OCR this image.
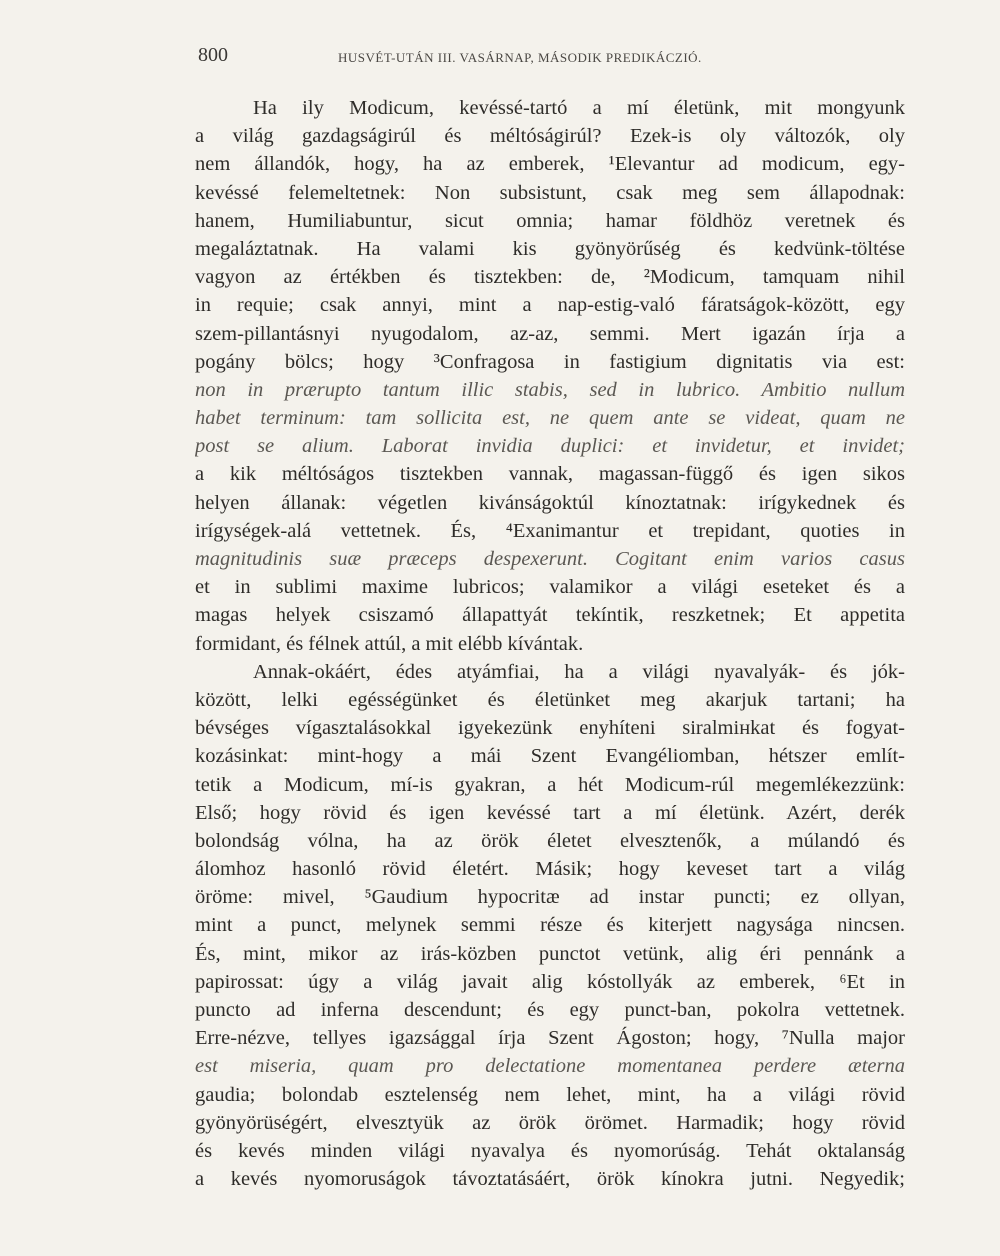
800	HUSVÉT-UTÁN III. VASÁRNAP, MÁSODIK PREDIKÁCZIÓ.
Ha ily Modicum, kevéssé-tartó a mí életünk, mit mongyunk
a világ gazdagságirúl és méltóságirúl? Ezek-is oly változók, oly
nem állandók, hogy, ha az emberek, ¹Elevantur ad modicum, egy-
kevéssé felemeltetnek: Non subsistunt, csak meg sem állapodnak:
hanem, Humiliabuntur, sicut omnia; hamar földhöz veretnek és
megaláztatnak. Ha valami kis gyönyörűség és kedvünk-töltése
vagyon az értékben és tisztekben: de, ²Modicum, tamquam nihil
in requie; csak annyi, mint a nap-estig-való fáratságok-között, egy
szem-pillantásnyi nyugodalom, az-az, semmi. Mert igazán írja a
pogány bölcs; hogy ³Confragosa in fastigium dignitatis via est:
non in prærupto tantum illic stabis, sed in lubrico. Ambitio nullum
habet terminum: tam sollicita est, ne quem ante se videat, quam ne
post se alium. Laborat invidia duplici: et invidetur, et invidet;
a kik méltóságos tisztekben vannak, magassan-függő és igen sikos
helyen állanak: végetlen kivánságoktúl kínoztatnak: irígykednek és
irígységek-alá vettetnek. És, ⁴Exanimantur et trepidant, quoties in
magnitudinis suæ præceps despexerunt. Cogitant enim varios casus
et in sublimi maxime lubricos; valamikor a világi eseteket és a
magas helyek csiszamó állapattyát tekíntik, reszketnek; Et appetita
formidant, és félnek attúl, a mit elébb kívántak.
Annak-okáért, édes atyámfiai, ha a világi nyavalyák- és jók-
között, lelki egésségünket és életünket meg akarjuk tartani; ha
bévséges vígasztalásokkal igyekezünk enyhíteni siralmінkat és fogyat-
kozásinkat: mint-hogy a mái Szent Evangéliomban, hétszer említ-
tetik a Modicum, mí-is gyakran, a hét Modicum-rúl megemlékezzünk:
Első; hogy rövid és igen kevéssé tart a mí életünk. Azért, derék
bolondság vólna, ha az örök életet elvesztenők, a múlandó és
álomhoz hasonló rövid életért. Másik; hogy keveset tart a világ
öröme: mivel, ⁵Gaudium hypocritæ ad instar puncti; ez ollyan,
mint a punct, melynek semmi része és kiterjett nagysága nincsen.
És, mint, mikor az irás-közben punctot vetünk, alig éri pennánk a
papirossat: úgy a világ javait alig kóstollyák az emberek, ⁶Et in
puncto ad inferna descendunt; és egy punct-ban, pokolra vettetnek.
Erre-nézve, tellyes igazsággal írja Szent Ágoston; hogy, ⁷Nulla major
est miseria, quam pro delectatione momentanea perdere æterna
gaudia; bolondab esztelenség nem lehet, mint, ha a világi rövid
gyönyörüségért, elvesztyük az örök örömet. Harmadik; hogy rövid
és kevés minden világi nyavalya és nyomorúság. Tehát oktalanság
a kevés nyomoruságok távoztatásáért, örök kínokra jutni. Negyedik;
